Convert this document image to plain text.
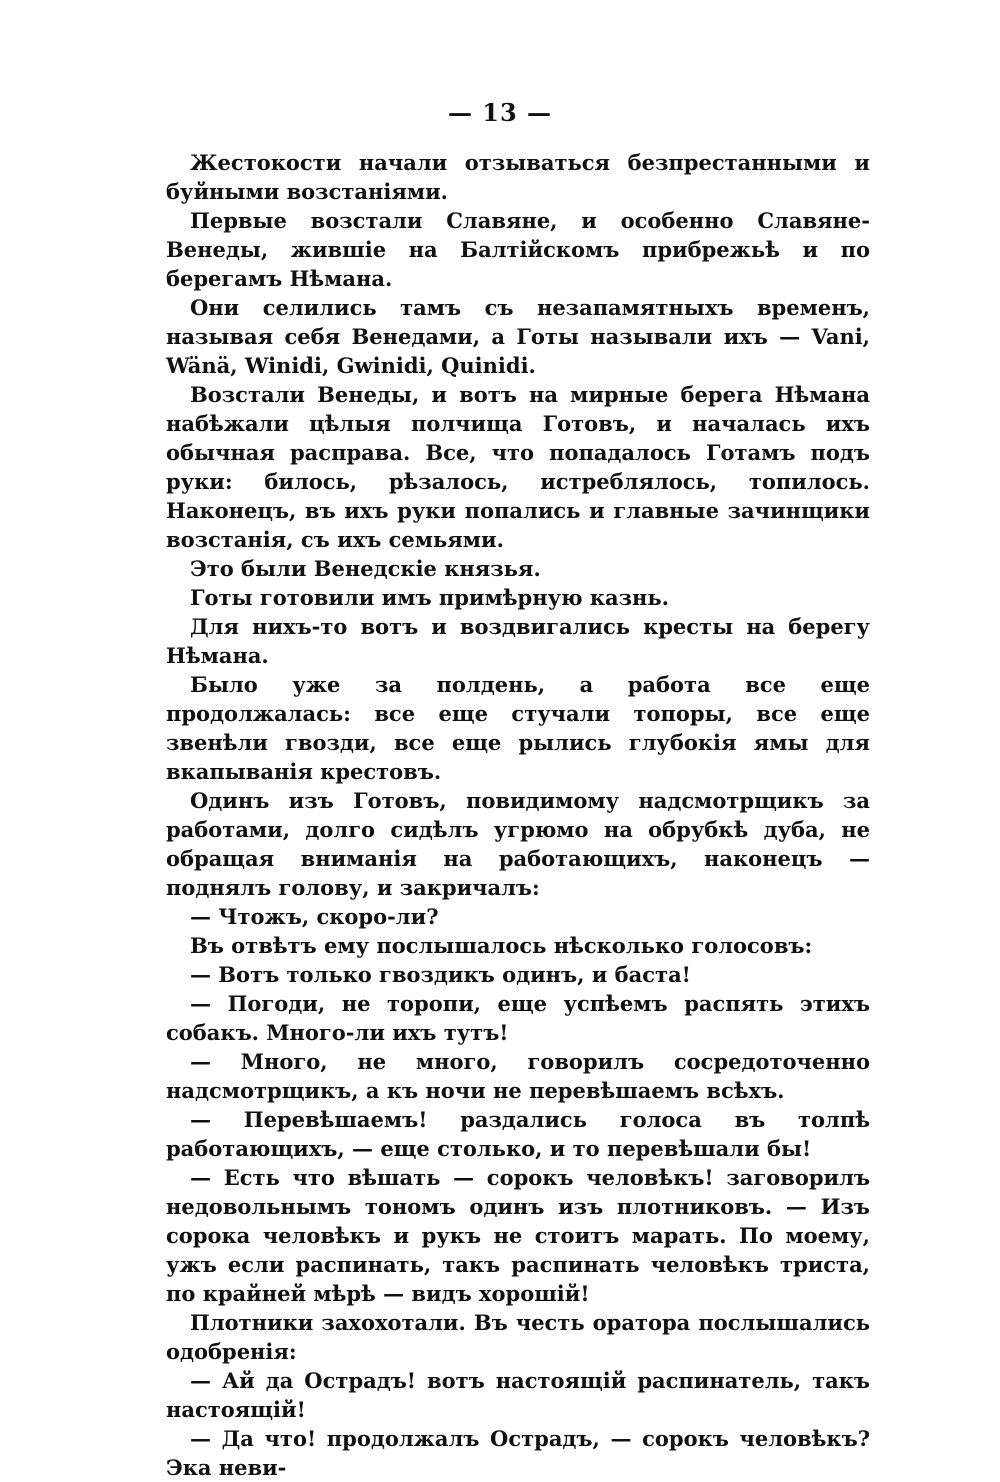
— 13 —

Жестокости начали отзываться безпрестанными и буйными возстаніями.

Первые возстали Славяне, и особенно Славяне-Венеды, жившіе на Балтійскомъ прибрежьѣ и по берегамъ Нѣмана.

Они селились тамъ съ незапамятныхъ временъ, называя себя Венедами, а Готы называли ихъ — Vani, Wänä, Winidi, Gwinidi, Quinidi.

Возстали Венеды, и вотъ на мирные берега Нѣмана набѣжали цѣлыя полчища Готовъ, и началась ихъ обычная расправа. Все, что попадалось Готамъ подъ руки: билось, рѣзалось, истреблялось, топилось. Наконецъ, въ ихъ руки попались и главные зачинщики возстанія, съ ихъ семьями.

Это были Венедскіе князья.

Готы готовили имъ примѣрную казнь.

Для нихъ-то вотъ и воздвигались кресты на берегу Нѣмана.

Было уже за полдень, а работа все еще продолжалась: все еще стучали топоры, все еще звенѣли гвозди, все еще рылись глубокія ямы для вкапыванія крестовъ.

Одинъ изъ Готовъ, повидимому надсмотрщикъ за работами, долго сидѣлъ угрюмо на обрубкѣ дуба, не обращая вниманія на работающихъ, наконецъ — поднялъ голову, и закричалъ:

— Чтожъ, скоро-ли?

Въ отвѣтъ ему послышалось нѣсколько голосовъ:

— Вотъ только гвоздикъ одинъ, и баста!

— Погоди, не торопи, еще успѣемъ распять этихъ собакъ. Много-ли ихъ тутъ!

— Много, не много, говорилъ сосредоточенно надсмотрщикъ, а къ ночи не перевѣшаемъ всѣхъ.

— Перевѣшаемъ! раздались голоса въ толпѣ работающихъ, — еще столько, и то перевѣшали бы!

— Есть что вѣшать — сорокъ человѣкъ! заговорилъ недовольнымъ тономъ одинъ изъ плотниковъ. — Изъ сорока человѣкъ и рукъ не стоитъ марать. По моему, ужъ если распинать, такъ распинать человѣкъ триста, по крайней мѣрѣ — видъ хорошій!

Плотники захохотали. Въ честь оратора послышались одобренія:

— Ай да Острадъ! вотъ настоящій распинатель, такъ настоящій!

— Да что! продолжалъ Острадъ, — сорокъ человѣкъ? Эка неви-
